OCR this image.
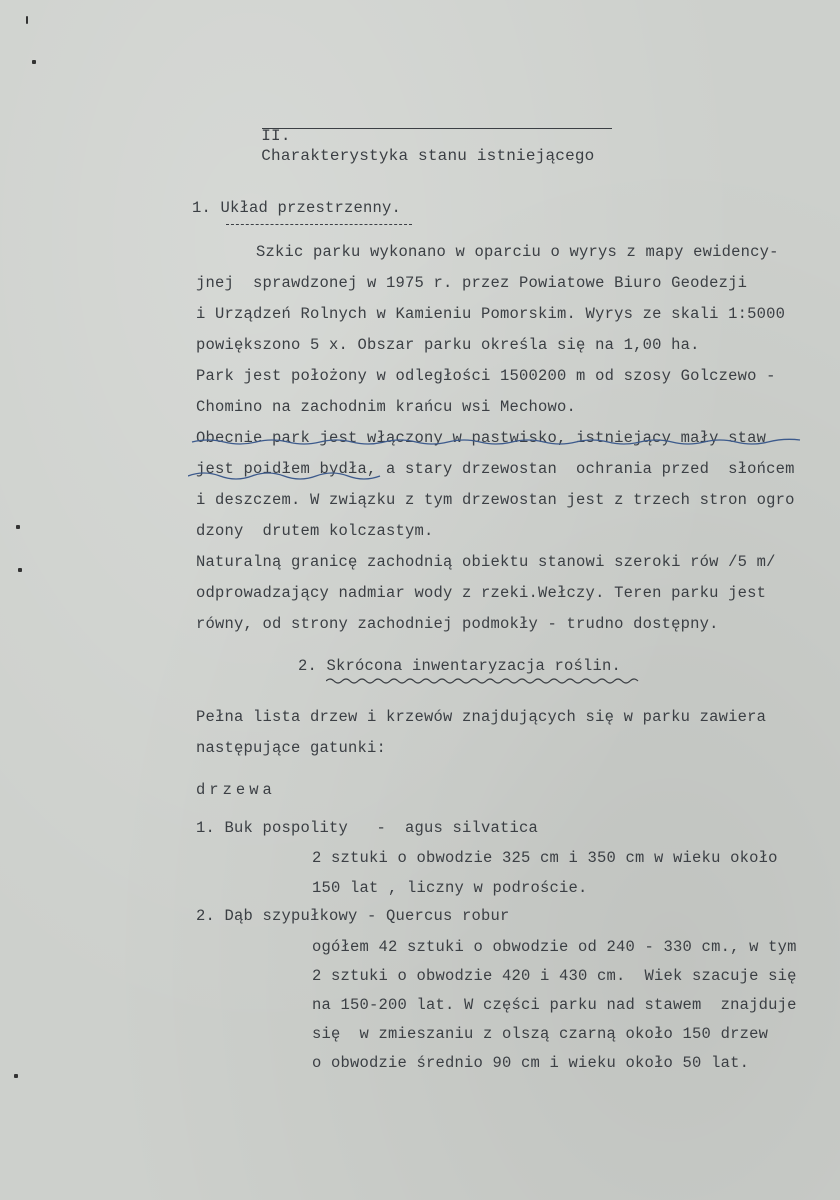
II.
Charakterystyka stanu istniejącego

1. Układ przestrzenny.
Szkic parku wykonano w oparciu o wyrys z mapy ewidency-
jnej  sprawdzonej w 1975 r. przez Powiatowe Biuro Geodezji
i Urządzeń Rolnych w Kamieniu Pomorskim. Wyrys ze skali 1:5000
powiększono 5 x. Obszar parku określa się na 1,00 ha.
Park jest położony w odległości 1500200 m od szosy Golczewo -
Chomino na zachodnim krańcu wsi Mechowo.
Obecnie park jest włączony w pastwisko, istniejący mały staw
jest poidłem bydła, a stary drzewostan  ochrania przed  słońcem
i deszczem. W związku z tym drzewostan jest z trzech stron ogro
dzony  drutem kolczastym.
Naturalną granicę zachodnią obiektu stanowi szeroki rów /5 m/
odprowadzający nadmiar wody z rzeki.Wełczy. Teren parku jest
równy, od strony zachodniej podmokły - trudno dostępny.
2. Skrócona inwentaryzacja roślin.
Pełna lista drzew i krzewów znajdujących się w parku zawiera
następujące gatunki:
drzewa
1. Buk pospolity   -  agus silvatica
2 sztuki o obwodzie 325 cm i 350 cm w wieku około
150 lat , liczny w podroście.
2. Dąb szypułkowy - Quercus robur
ogółem 42 sztuki o obwodzie od 240 - 330 cm., w tym
2 sztuki o obwodzie 420 i 430 cm.  Wiek szacuje się
na 150-200 lat. W części parku nad stawem  znajduje
się  w zmieszaniu z olszą czarną około 150 drzew
o obwodzie średnio 90 cm i wieku około 50 lat.
